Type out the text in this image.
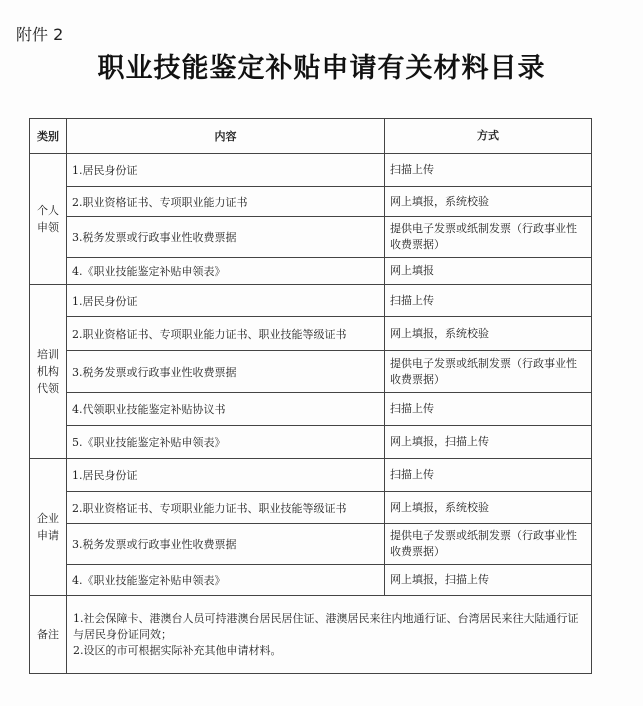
附件 2
职业技能鉴定补贴申请有关材料目录
类别	内容	方式
个人申领	1.居民身份证	扫描上传
	2.职业资格证书、专项职业能力证书	网上填报，系统校验
	3.税务发票或行政事业性收费票据	提供电子发票或纸制发票（行政事业性收费票据）
	4.《职业技能鉴定补贴申领表》	网上填报
培训机构代领	1.居民身份证	扫描上传
	2.职业资格证书、专项职业能力证书、职业技能等级证书	网上填报，系统校验
	3.税务发票或行政事业性收费票据	提供电子发票或纸制发票（行政事业性收费票据）
	4.代领职业技能鉴定补贴协议书	扫描上传
	5.《职业技能鉴定补贴申领表》	网上填报，扫描上传
企业申请	1.居民身份证	扫描上传
	2.职业资格证书、专项职业能力证书、职业技能等级证书	网上填报，系统校验
	3.税务发票或行政事业性收费票据	提供电子发票或纸制发票（行政事业性收费票据）
	4.《职业技能鉴定补贴申领表》	网上填报，扫描上传
备注	1.社会保障卡、港澳台人员可持港澳台居民居住证、港澳居民来往内地通行证、台湾居民来往大陆通行证与居民身份证同效；
2.设区的市可根据实际补充其他申请材料。	
